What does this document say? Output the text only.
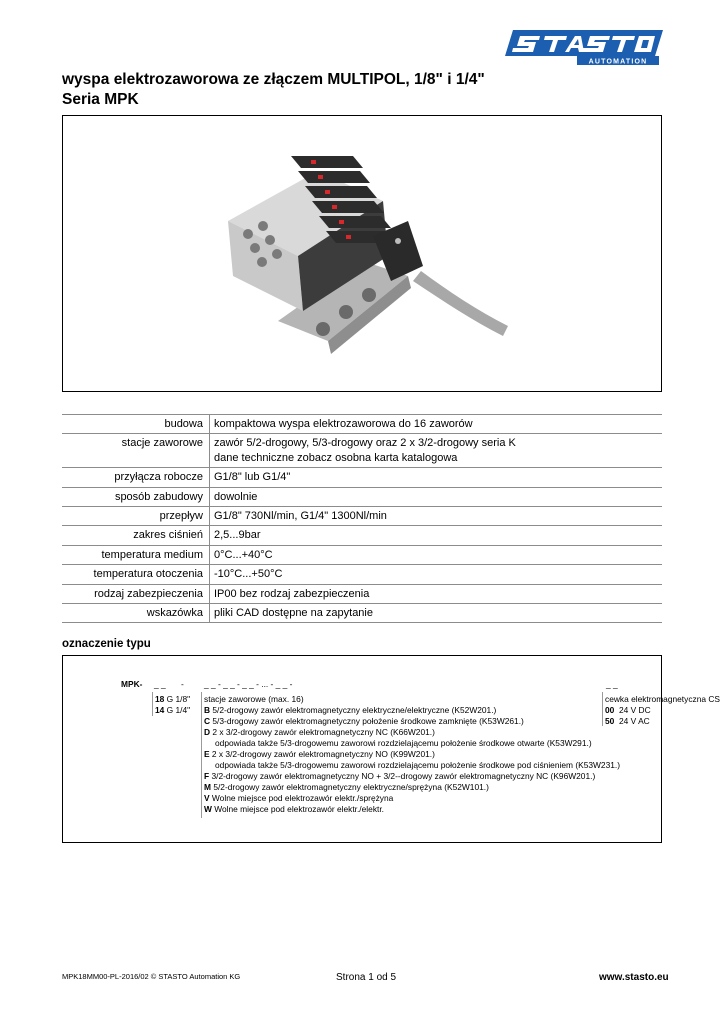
AUTOMATION
wyspa elektrozaworowa ze złączem MULTIPOL, 1/8" i 1/4"
Seria MPK
budowa	kompaktowa wyspa elektrozaworowa do 16 zaworów
stacje zaworowe	zawór 5/2-drogowy, 5/3-drogowy oraz 2 x 3/2-drogowy seria K
dane techniczne zobacz osobna karta katalogowa
przyłącza robocze	G1/8" lub G1/4"
sposób zabudowy	dowolnie
przepływ	G1/8" 730Nl/min, G1/4" 1300Nl/min
zakres ciśnień	2,5...9bar
temperatura medium	0°C...+40°C
temperatura otoczenia	-10°C...+50°C
rodzaj zabezpieczenia	IP00 bez rodzaj zabezpieczenia
wskazówka	pliki CAD dostępne na zapytanie
oznaczenie typu
MPK- _ _ - _ _ - _ _ - _ _ - ... - _ _ -	_ _
18 G 1/8"
14 G 1/4"
stacje zaworowe (max. 16)
B 5/2-drogowy zawór elektromagnetyczny elektryczne/elektryczne (K52W201.)
C 5/3-drogowy zawór elektromagnetyczny położenie środkowe zamknięte (K53W261.)
D 2 x 3/2-drogowy zawór elektromagnetyczny NC (K66W201.)
odpowiada także 5/3-drogowemu zaworowi rozdzielającemu położenie środkowe otwarte (K53W291.)
E 2 x 3/2-drogowy zawór elektromagnetyczny NO (K99W201.)
odpowiada także 5/3-drogowemu zaworowi rozdzielającemu położenie środkowe pod ciśnieniem (K53W231.)
F 3/2-drogowy zawór elektromagnetyczny NO + 3/2--drogowy zawór elektromagnetyczny NC (K96W201.)
M 5/2-drogowy zawór elektromagnetyczny elektryczne/sprężyna (K52W101.)
V Wolne miejsce pod elektrozawór elektr./sprężyna
W Wolne miejsce pod elektrozawór elektr./elektr.
cewka elektromagnetyczna CS
00 24 V DC
50 24 V AC
MPK18MM00-PL-2016/02 © STASTO Automation KG	Strona 1 od 5	www.stasto.eu
